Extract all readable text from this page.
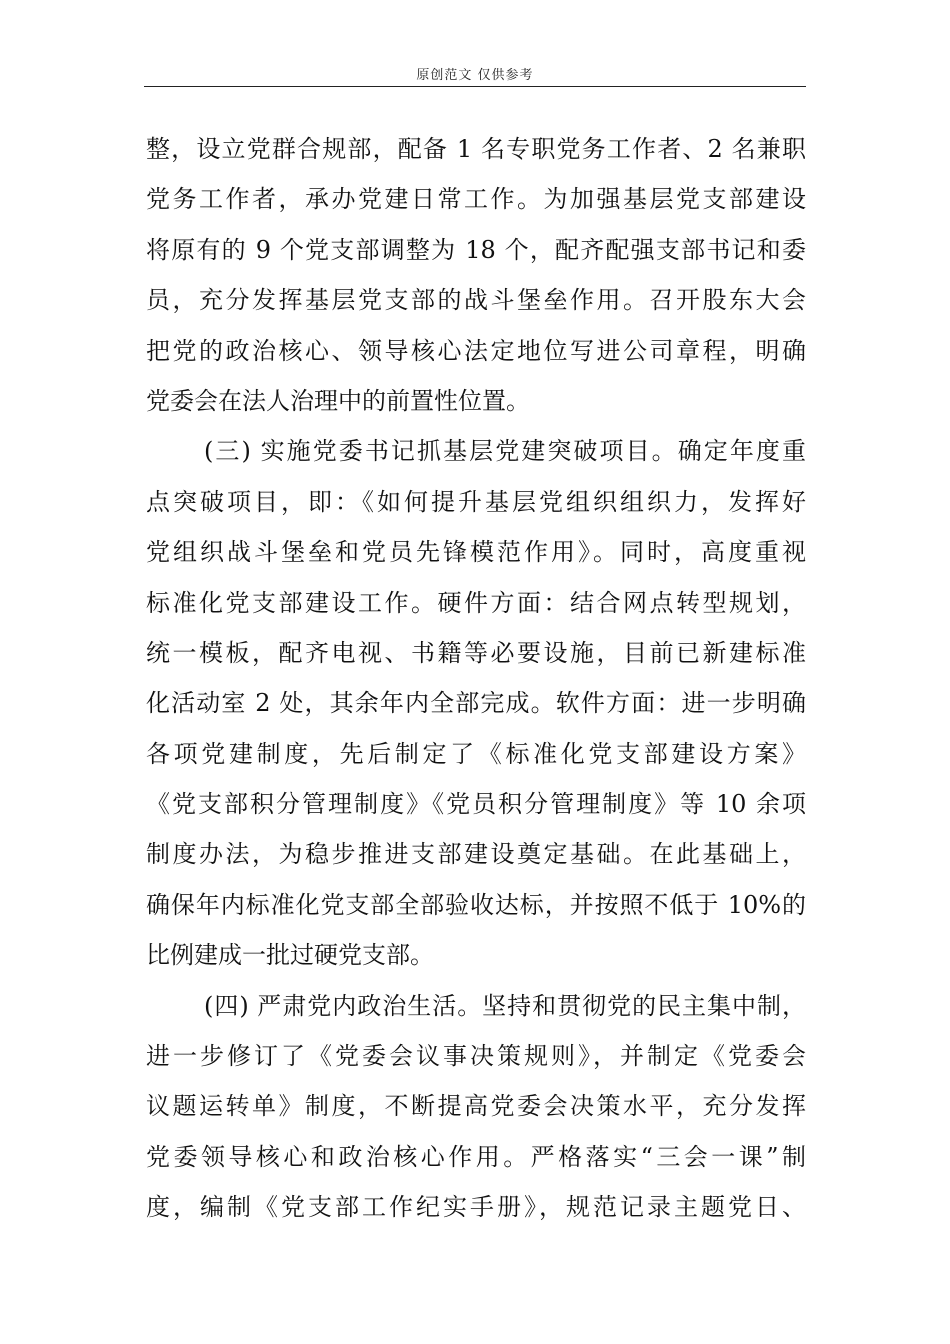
原创范文 仅供参考
整，设立党群合规部，配备 1 名专职党务工作者、2 名兼职
党务工作者，承办党建日常工作。为加强基层党支部建设
将原有的 9 个党支部调整为 18 个，配齐配强支部书记和委
员，充分发挥基层党支部的战斗堡垒作用。召开股东大会
把党的政治核心、领导核心法定地位写进公司章程，明确
党委会在法人治理中的前置性位置。
(三) 实施党委书记抓基层党建突破项目。确定年度重
点突破项目，即：《如何提升基层党组织组织力，发挥好
党组织战斗堡垒和党员先锋模范作用》。同时，高度重视
标准化党支部建设工作。硬件方面：结合网点转型规划，
统一模板，配齐电视、书籍等必要设施，目前已新建标准
化活动室 2 处，其余年内全部完成。软件方面：进一步明确
各项党建制度，先后制定了《标准化党支部建设方案》
《党支部积分管理制度》《党员积分管理制度》等 10 余项
制度办法，为稳步推进支部建设奠定基础。在此基础上，
确保年内标准化党支部全部验收达标，并按照不低于 10%的
比例建成一批过硬党支部。
(四) 严肃党内政治生活。坚持和贯彻党的民主集中制，
进一步修订了《党委会议事决策规则》，并制定《党委会
议题运转单》制度，不断提高党委会决策水平，充分发挥
党委领导核心和政治核心作用。严格落实“三会一课”制
度，编制《党支部工作纪实手册》，规范记录主题党日、
